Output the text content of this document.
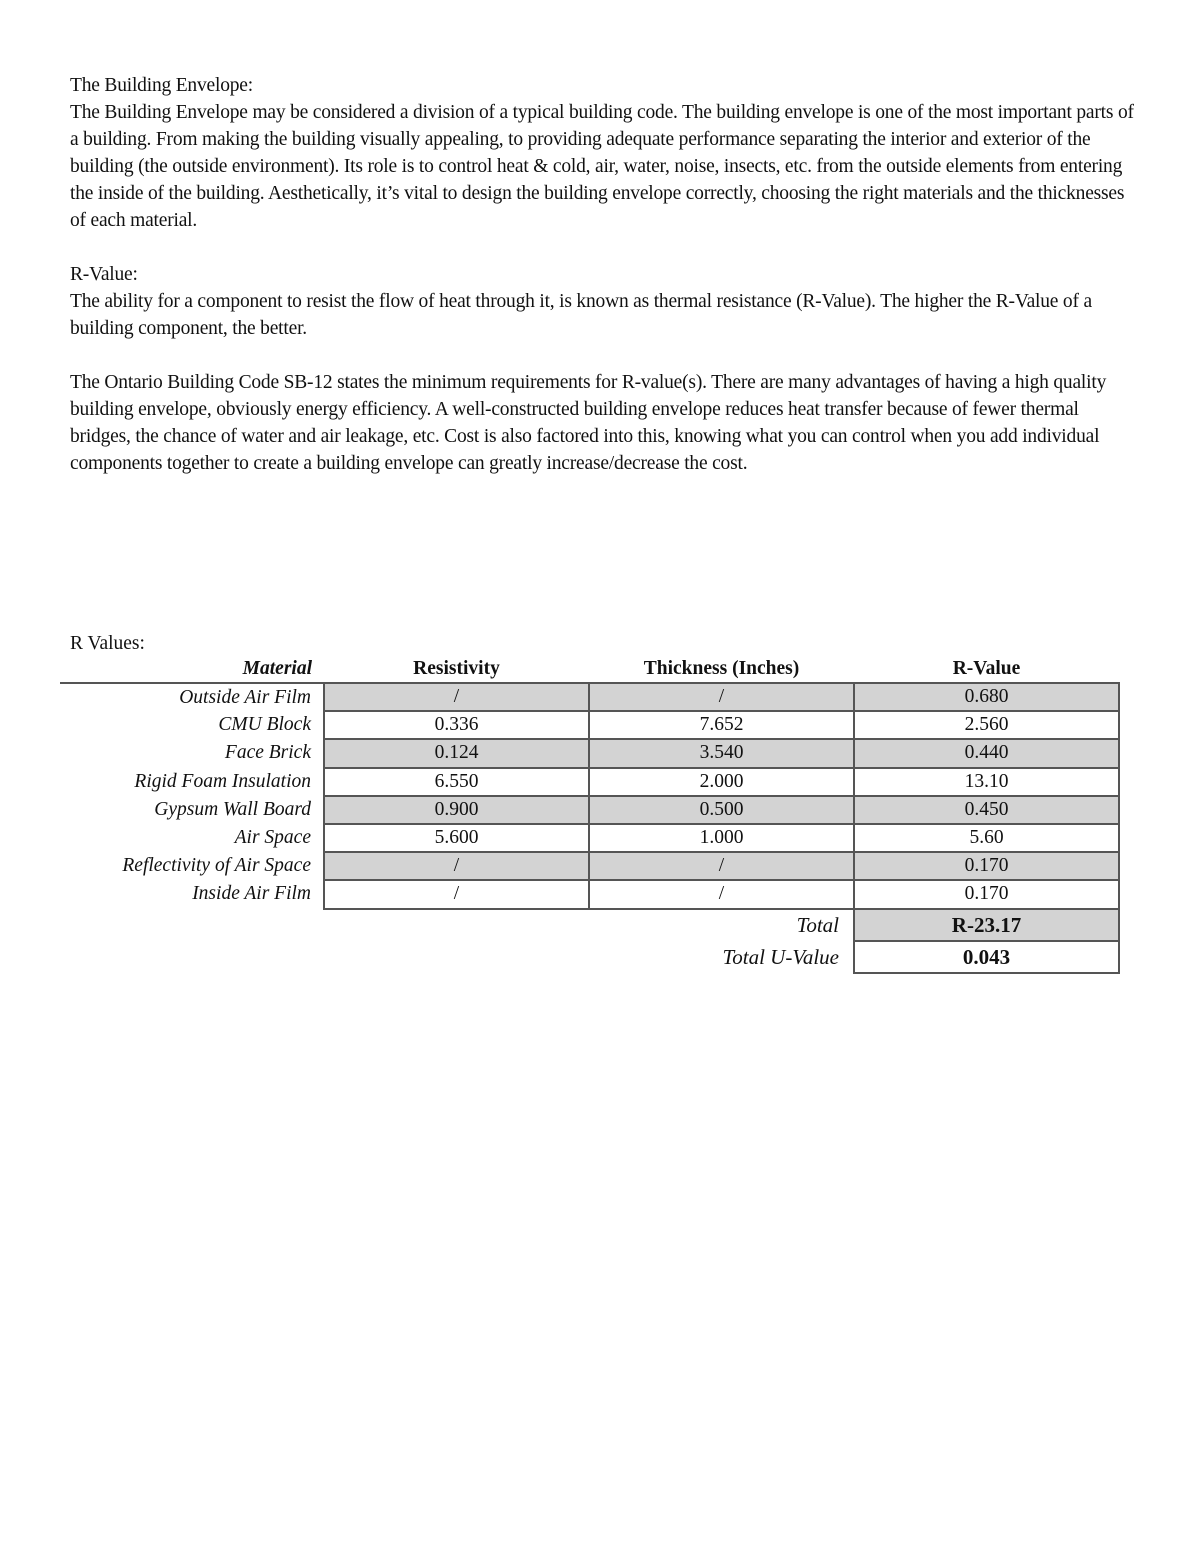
The Building Envelope:

The Building Envelope may be considered a division of a typical building code. The building envelope is one of the most important parts of a building. From making the building visually appealing, to providing adequate performance separating the interior and exterior of the building (the outside environment). Its role is to control heat & cold, air, water, noise, insects, etc. from the outside elements from entering the inside of the building. Aesthetically, it’s vital to design the building envelope correctly, choosing the right materials and the thicknesses of each material.

R-Value:

The ability for a component to resist the flow of heat through it, is known as thermal resistance (R-Value). The higher the R-Value of a building component, the better.

The Ontario Building Code SB-12 states the minimum requirements for R-value(s). There are many advantages of having a high quality building envelope, obviously energy efficiency. A well-constructed building envelope reduces heat transfer because of fewer thermal bridges, the chance of water and air leakage, etc. Cost is also factored into this, knowing what you can control when you add individual components together to create a building envelope can greatly increase/decrease the cost.

R Values:
Material	Resistivity	Thickness (Inches)	R-Value
Outside Air Film	/	/	0.680
CMU Block	0.336	7.652	2.560
Face Brick	0.124	3.540	0.440
Rigid Foam Insulation	6.550	2.000	13.10
Gypsum Wall Board	0.900	0.500	0.450
Air Space	5.600	1.000	5.60
Reflectivity of Air Space	/	/	0.170
Inside Air Film	/	/	0.170
		Total	R-23.17
		Total U-Value	0.043
